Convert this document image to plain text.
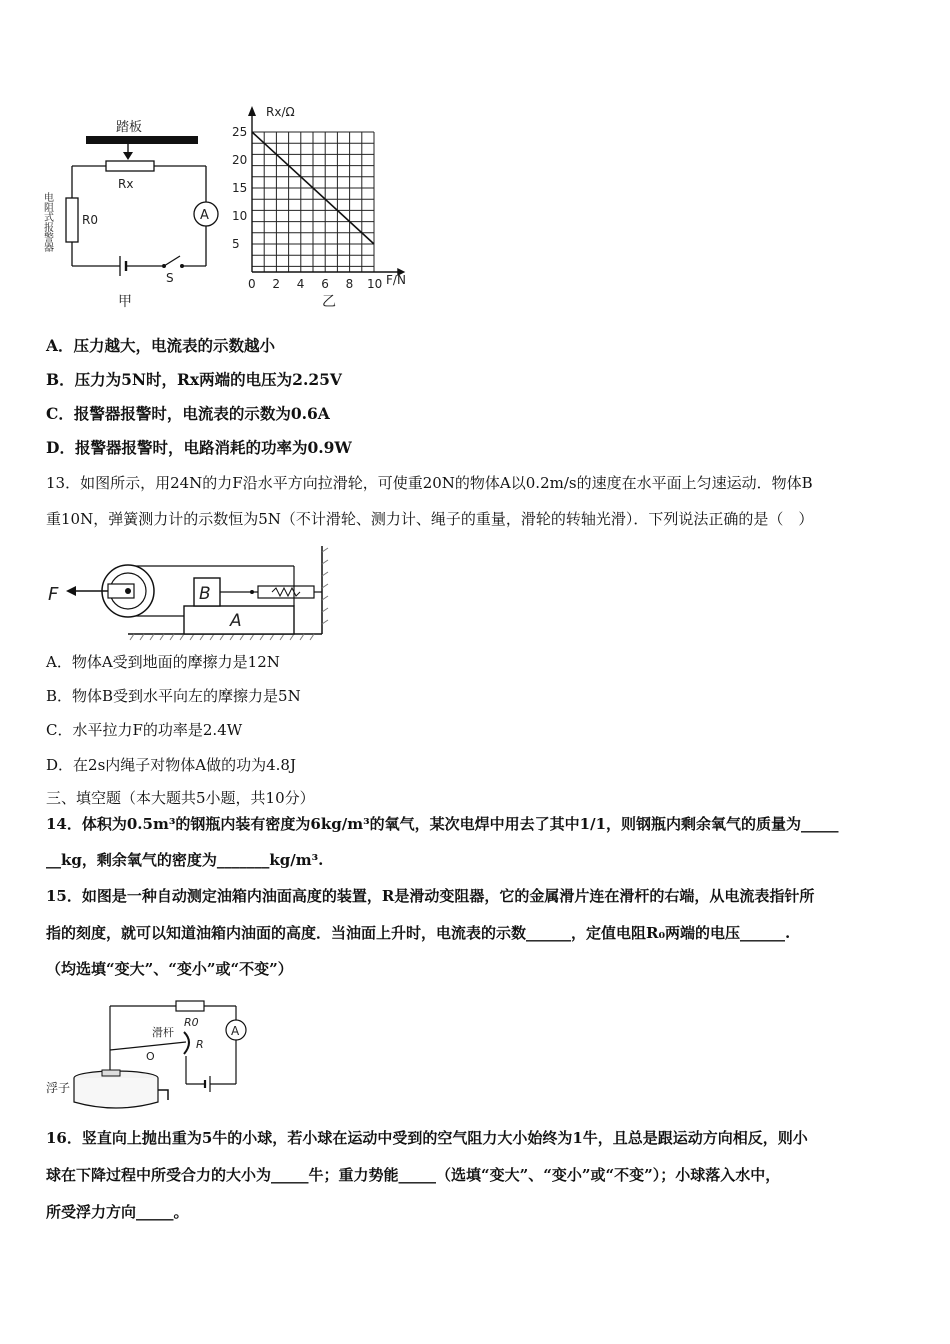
踏板
Rx
R0
电阻式报警器	A
S
甲
5
10
15
20
25
0 2 4 6 8 10
Rx/Ω
F/N
乙
A．压力越大，电流表的示数越小
B．压力为5N时，Rx两端的电压为2.25V
C．报警器报警时，电流表的示数为0.6A
D．报警器报警时，电路消耗的功率为0.9W
13．如图所示，用24N的力F沿水平方向拉滑轮，可使重20N的物体A以0.2m/s的速度在水平面上匀速运动．物体B
重10N，弹簧测力计的示数恒为5N（不计滑轮、测力计、绳子的重量，滑轮的转轴光滑）．下列说法正确的是（　）
A
B
F
A．物体A受到地面的摩擦力是12N
B．物体B受到水平向左的摩擦力是5N
C．水平拉力F的功率是2.4W
D．在2s内绳子对物体A做的功为4.8J
三、填空题（本大题共5小题，共10分）
14．体积为0.5m³的钢瓶内装有密度为6kg/m³的氧气，某次电焊中用去了其中1/1，则钢瓶内剩余氧气的质量为_____
__kg，剩余氧气的密度为_______kg/m³.
15．如图是一种自动测定油箱内油面高度的装置，R是滑动变阻器，它的金属滑片连在滑杆的右端，从电流表指针所
指的刻度，就可以知道油箱内油面的高度．当油面上升时，电流表的示数______，定值电阻R₀两端的电压______.
（均选填“变大”、“变小”或“不变”）
R0
A
R
滑杆
O
浮子
16．竖直向上抛出重为5牛的小球，若小球在运动中受到的空气阻力大小始终为1牛，且总是跟运动方向相反，则小
球在下降过程中所受合力的大小为_____牛；重力势能_____（选填“变大”、“变小”或“不变”）；小球落入水中，
所受浮力方向_____。
